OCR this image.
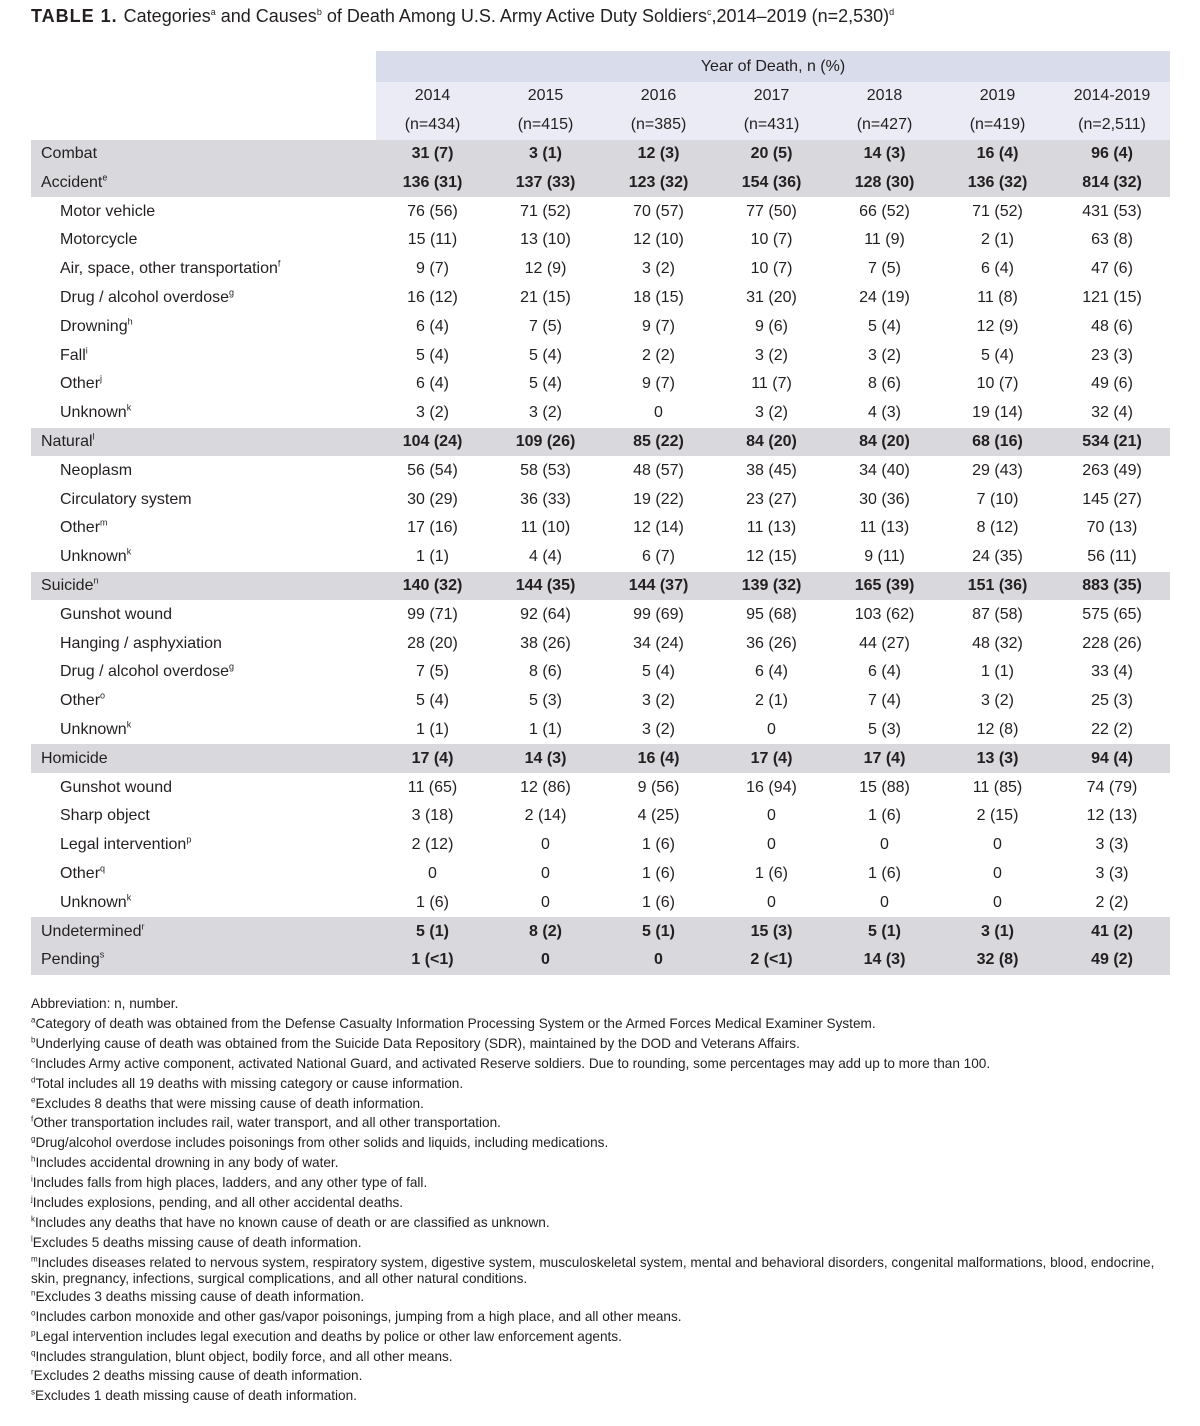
TABLE 1. Categories$^a$ and Causes$^b$ of Death Among U.S. Army Active Duty Soldiers$^c$,2014–2019 (n=2,530)$^d$
	Year of Death, n (%)						
	2014	2015	2016	2017	2018	2019	2014-2019
	(n=434)	(n=415)	(n=385)	(n=431)	(n=427)	(n=419)	(n=2,511)
Combat	31 (7)	3 (1)	12 (3)	20 (5)	14 (3)	16 (4)	96 (4)
Accident$^e$	136 (31)	137 (33)	123 (32)	154 (36)	128 (30)	136 (32)	814 (32)
Motor vehicle	76 (56)	71 (52)	70 (57)	77 (50)	66 (52)	71 (52)	431 (53)
Motorcycle	15 (11)	13 (10)	12 (10)	10 (7)	11 (9)	2 (1)	63 (8)
Air, space, other transportation$^f$	9 (7)	12 (9)	3 (2)	10 (7)	7 (5)	6 (4)	47 (6)
Drug / alcohol overdose$^g$	16 (12)	21 (15)	18 (15)	31 (20)	24 (19)	11 (8)	121 (15)
Drowning$^h$	6 (4)	7 (5)	9 (7)	9 (6)	5 (4)	12 (9)	48 (6)
Fall$^i$	5 (4)	5 (4)	2 (2)	3 (2)	3 (2)	5 (4)	23 (3)
Other$^j$	6 (4)	5 (4)	9 (7)	11 (7)	8 (6)	10 (7)	49 (6)
Unknown$^k$	3 (2)	3 (2)	0	3 (2)	4 (3)	19 (14)	32 (4)
Natural$^l$	104 (24)	109 (26)	85 (22)	84 (20)	84 (20)	68 (16)	534 (21)
Neoplasm	56 (54)	58 (53)	48 (57)	38 (45)	34 (40)	29 (43)	263 (49)
Circulatory system	30 (29)	36 (33)	19 (22)	23 (27)	30 (36)	7 (10)	145 (27)
Other$^m$	17 (16)	11 (10)	12 (14)	11 (13)	11 (13)	8 (12)	70 (13)
Unknown$^k$	1 (1)	4 (4)	6 (7)	12 (15)	9 (11)	24 (35)	56 (11)
Suicide$^n$	140 (32)	144 (35)	144 (37)	139 (32)	165 (39)	151 (36)	883 (35)
Gunshot wound	99 (71)	92 (64)	99 (69)	95 (68)	103 (62)	87 (58)	575 (65)
Hanging / asphyxiation	28 (20)	38 (26)	34 (24)	36 (26)	44 (27)	48 (32)	228 (26)
Drug / alcohol overdose$^g$	7 (5)	8 (6)	5 (4)	6 (4)	6 (4)	1 (1)	33 (4)
Other$^o$	5 (4)	5 (3)	3 (2)	2 (1)	7 (4)	3 (2)	25 (3)
Unknown$^k$	1 (1)	1 (1)	3 (2)	0	5 (3)	12 (8)	22 (2)
Homicide	17 (4)	14 (3)	16 (4)	17 (4)	17 (4)	13 (3)	94 (4)
Gunshot wound	11 (65)	12 (86)	9 (56)	16 (94)	15 (88)	11 (85)	74 (79)
Sharp object	3 (18)	2 (14)	4 (25)	0	1 (6)	2 (15)	12 (13)
Legal intervention$^p$	2 (12)	0	1 (6)	0	0	0	3 (3)
Other$^q$	0	0	1 (6)	1 (6)	1 (6)	0	3 (3)
Unknown$^k$	1 (6)	0	1 (6)	0	0	0	2 (2)
Undetermined$^r$	5 (1)	8 (2)	5 (1)	15 (3)	5 (1)	3 (1)	41 (2)
Pending$^s$	1 (<1)	0	0	2 (<1)	14 (3)	32 (8)	49 (2)
Abbreviation: n, number.
$^a$Category of death was obtained from the Defense Casualty Information Processing System or the Armed Forces Medical Examiner System.
$^b$Underlying cause of death was obtained from the Suicide Data Repository (SDR), maintained by the DOD and Veterans Affairs.
$^c$Includes Army active component, activated National Guard, and activated Reserve soldiers. Due to rounding, some percentages may add up to more than 100.
$^d$Total includes all 19 deaths with missing category or cause information.
$^e$Excludes 8 deaths that were missing cause of death information.
$^f$Other transportation includes rail, water transport, and all other transportation.
$^g$Drug/alcohol overdose includes poisonings from other solids and liquids, including medications.
$^h$Includes accidental drowning in any body of water.
$^i$Includes falls from high places, ladders, and any other type of fall.
$^j$Includes explosions, pending, and all other accidental deaths.
$^k$Includes any deaths that have no known cause of death or are classified as unknown.
$^l$Excludes 5 deaths missing cause of death information.
$^m$Includes diseases related to nervous system, respiratory system, digestive system, musculoskeletal system, mental and behavioral disorders, congenital malformations, blood, endocrine, skin, pregnancy, infections, surgical complications, and all other natural conditions.
$^n$Excludes 3 deaths missing cause of death information.
$^o$Includes carbon monoxide and other gas/vapor poisonings, jumping from a high place, and all other means.
$^p$Legal intervention includes legal execution and deaths by police or other law enforcement agents.
$^q$Includes strangulation, blunt object, bodily force, and all other means.
$^r$Excludes 2 deaths missing cause of death information.
$^s$Excludes 1 death missing cause of death information.
